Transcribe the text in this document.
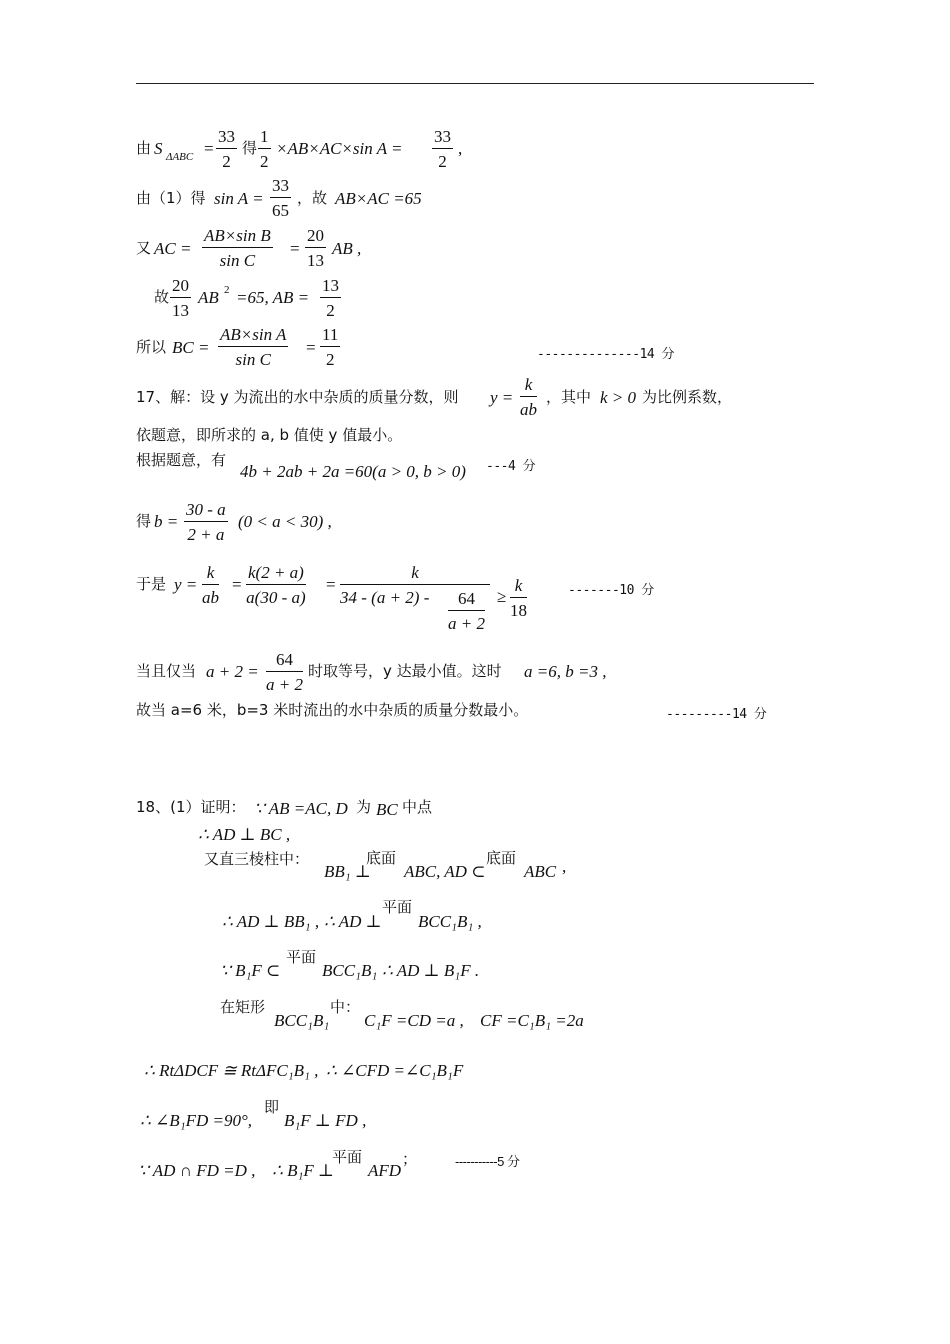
由 S ΔABC =
33
2
得
1
2
×AB×AC×sin A =
33
2
,
由（1）得 sin A =
33
65
，故 AB×AC =65
又 AC =
AB×sin B
sin C
=
20
13
AB ,
故
20
13
AB 2 =65, AB =
13
2
所以 BC =
AB×sin A
sin C
=
11
2	--------------14 分
17、解：设 y 为流出的水中杂质的质量分数，则 y =
k
ab
，其中 k > 0 为比例系数，
依题意，即所求的 a, b 值使 y 值最小。
根据题意，有
4b + 2ab + 2a =60(a > 0, b > 0) ---4 分
得 b =
30 - a
2 + a
(0 < a < 30) ,
于是 y =
k
ab
=
k(2 + a)
a(30 - a)
=
k
34 - (a + 2) -	64
a + 2
≥
k
18
-------10 分
当且仅当 a + 2 =
64
a + 2
时取等号，y 达最小值。这时 a =6, b =3 ,
故当 a=6 米，b=3 米时流出的水中杂质的质量分数最小。	---------14 分
18、(1）证明： ∵ AB =AC, D 为 BC 中点
∴ AD ⊥ BC ,
又直三棱柱中：
BB₁ ⊥
底面
ABC, AD ⊂
底面
ABC ,
∴ AD ⊥ BB₁ , ∴ AD ⊥
平面
BCC₁B₁ ,
∵ B₁F ⊂
平面
BCC₁B₁ ∴ AD ⊥ B₁F .
在矩形
BCC₁B₁
中：
C₁F =CD =a , CF =C₁B₁ =2a
∴ RtΔDCF ≅ RtΔFC₁B₁ , ∴ ∠CFD =∠C₁B₁F
∴ ∠B₁FD =90°,
即
B₁F ⊥ FD ,
∵ AD ∩ FD =D , ∴ B₁F ⊥
平面
AFD
；	-----------5 分
